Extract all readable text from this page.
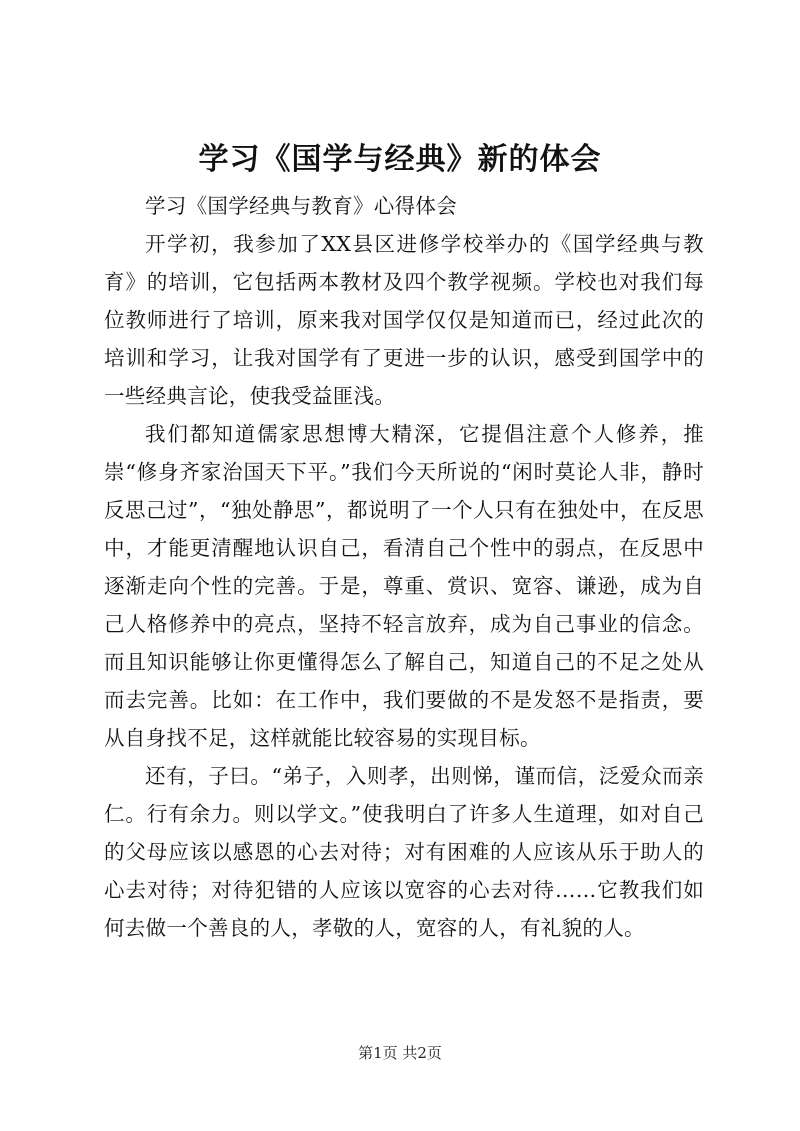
学习《国学与经典》新的体会

学习《国学经典与教育》心得体会

开学初，我参加了XX县区进修学校举办的《国学经典与教育》的培训，它包括两本教材及四个教学视频。学校也对我们每位教师进行了培训，原来我对国学仅仅是知道而已，经过此次的培训和学习，让我对国学有了更进一步的认识，感受到国学中的一些经典言论，使我受益匪浅。

我们都知道儒家思想博大精深，它提倡注意个人修养，推崇“修身齐家治国天下平。”我们今天所说的“闲时莫论人非，静时反思己过”，“独处静思”，都说明了一个人只有在独处中，在反思中，才能更清醒地认识自己，看清自己个性中的弱点，在反思中逐渐走向个性的完善。于是，尊重、赏识、宽容、谦逊，成为自己人格修养中的亮点，坚持不轻言放弃，成为自己事业的信念。而且知识能够让你更懂得怎么了解自己，知道自己的不足之处从而去完善。比如：在工作中，我们要做的不是发怒不是指责，要从自身找不足，这样就能比较容易的实现目标。

还有，子曰。“弟子，入则孝，出则悌，谨而信，泛爱众而亲仁。行有余力。则以学文。”使我明白了许多人生道理，如对自己的父母应该以感恩的心去对待；对有困难的人应该从乐于助人的心去对待；对待犯错的人应该以宽容的心去对待……它教我们如何去做一个善良的人，孝敬的人，宽容的人，有礼貌的人。

第1页 共2页
